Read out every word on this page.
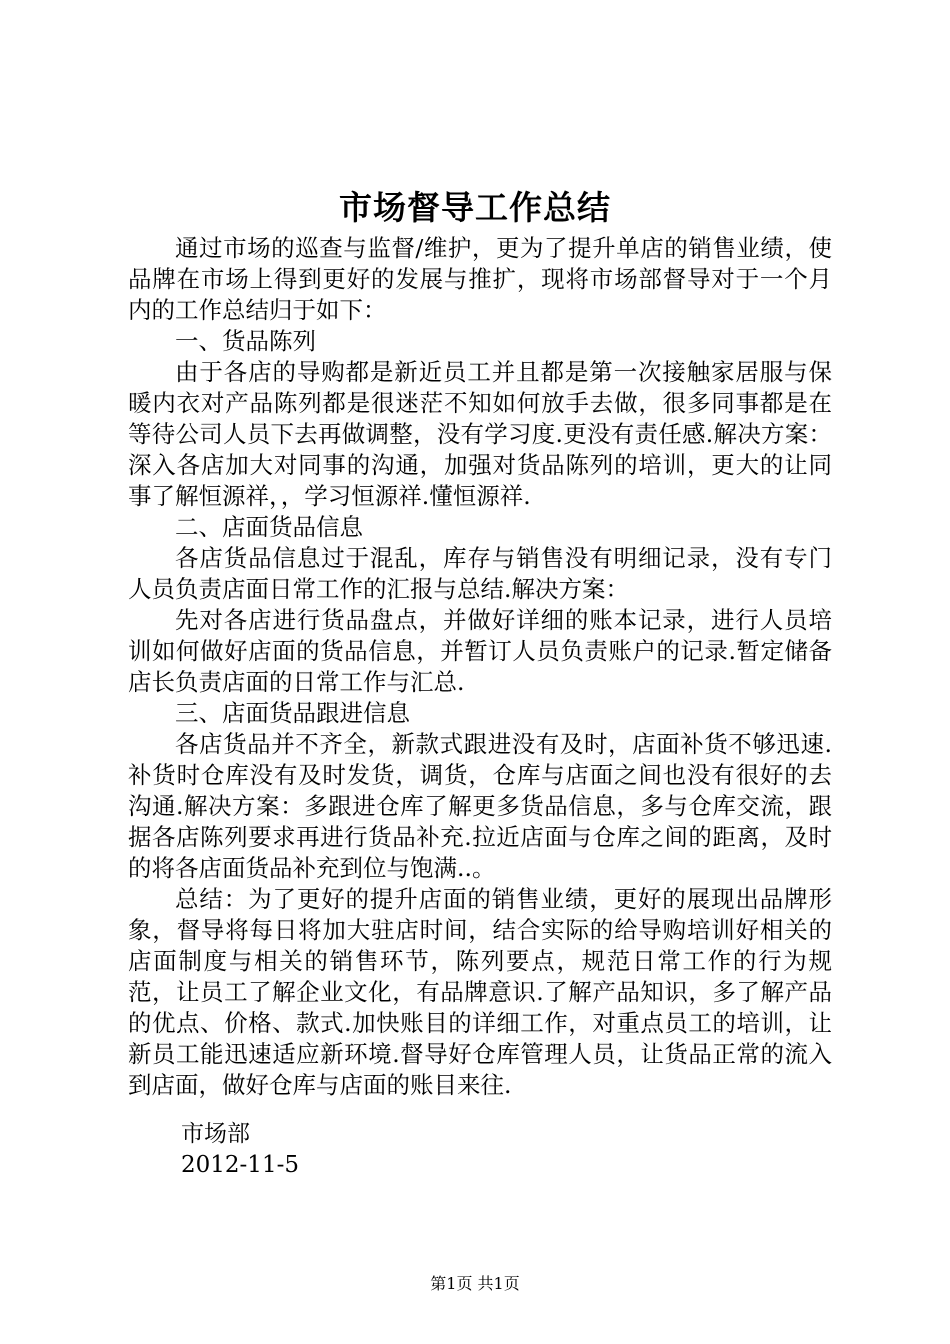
市场督导工作总结

通过市场的巡查与监督/维护，更为了提升单店的销售业绩，使品牌在市场上得到更好的发展与推扩，现将市场部督导对于一个月内的工作总结归于如下：

一、货品陈列

由于各店的导购都是新近员工并且都是第一次接触家居服与保暖内衣对产品陈列都是很迷茫不知如何放手去做，很多同事都是在等待公司人员下去再做调整，没有学习度.更没有责任感.解决方案：深入各店加大对同事的沟通，加强对货品陈列的培训，更大的让同事了解恒源祥，，学习恒源祥.懂恒源祥.

二、店面货品信息

各店货品信息过于混乱，库存与销售没有明细记录，没有专门人员负责店面日常工作的汇报与总结.解决方案：

先对各店进行货品盘点，并做好详细的账本记录，进行人员培训如何做好店面的货品信息，并暂订人员负责账户的记录.暂定储备店长负责店面的日常工作与汇总.

三、店面货品跟进信息

各店货品并不齐全，新款式跟进没有及时，店面补货不够迅速.补货时仓库没有及时发货，调货，仓库与店面之间也没有很好的去沟通.解决方案：多跟进仓库了解更多货品信息，多与仓库交流，跟据各店陈列要求再进行货品补充.拉近店面与仓库之间的距离，及时的将各店面货品补充到位与饱满..。

总结：为了更好的提升店面的销售业绩，更好的展现出品牌形象，督导将每日将加大驻店时间，结合实际的给导购培训好相关的店面制度与相关的销售环节，陈列要点，规范日常工作的行为规范，让员工了解企业文化，有品牌意识.了解产品知识，多了解产品的优点、价格、款式.加快账目的详细工作，对重点员工的培训，让新员工能迅速适应新环境.督导好仓库管理人员，让货品正常的流入到店面，做好仓库与店面的账目来往.

市场部
2012-11-5
第1页 共1页
